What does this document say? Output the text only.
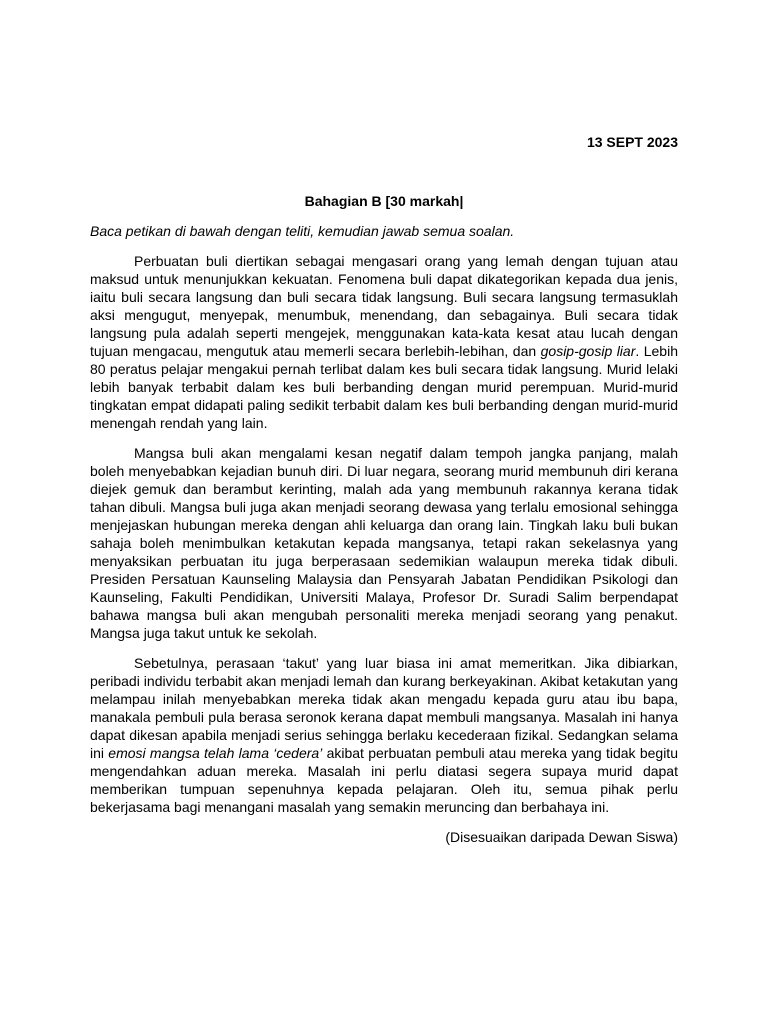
13 SEPT 2023
Bahagian B [30 markah|
Baca petikan di bawah dengan teliti, kemudian jawab semua soalan.

Perbuatan buli diertikan sebagai mengasari orang yang lemah dengan tujuan atau maksud untuk menunjukkan kekuatan. Fenomena buli dapat dikategorikan kepada dua jenis, iaitu buli secara langsung dan buli secara tidak langsung. Buli secara langsung termasuklah aksi mengugut, menyepak, menumbuk, menendang, dan sebagainya. Buli secara tidak langsung pula adalah seperti mengejek, menggunakan kata-kata kesat atau lucah dengan tujuan mengacau, mengutuk atau memerli secara berlebih-lebihan, dan gosip-gosip liar. Lebih 80 peratus pelajar mengakui pernah terlibat dalam kes buli secara tidak langsung. Murid lelaki lebih banyak terbabit dalam kes buli berbanding dengan murid perempuan. Murid-murid tingkatan empat didapati paling sedikit terbabit dalam kes buli berbanding dengan murid-murid menengah rendah yang lain.

Mangsa buli akan mengalami kesan negatif dalam tempoh jangka panjang, malah boleh menyebabkan kejadian bunuh diri. Di luar negara, seorang murid membunuh diri kerana diejek gemuk dan berambut kerinting, malah ada yang membunuh rakannya kerana tidak tahan dibuli. Mangsa buli juga akan menjadi seorang dewasa yang terlalu emosional sehingga menjejaskan hubungan mereka dengan ahli keluarga dan orang lain. Tingkah laku buli bukan sahaja boleh menimbulkan ketakutan kepada mangsanya, tetapi rakan sekelasnya yang menyaksikan perbuatan itu juga berperasaan sedemikian walaupun mereka tidak dibuli. Presiden Persatuan Kaunseling Malaysia dan Pensyarah Jabatan Pendidikan Psikologi dan Kaunseling, Fakulti Pendidikan, Universiti Malaya, Profesor Dr. Suradi Salim berpendapat bahawa mangsa buli akan mengubah personaliti mereka menjadi seorang yang penakut. Mangsa juga takut untuk ke sekolah.

Sebetulnya, perasaan ‘takut’ yang luar biasa ini amat memeritkan. Jika dibiarkan, peribadi individu terbabit akan menjadi lemah dan kurang berkeyakinan. Akibat ketakutan yang melampau inilah menyebabkan mereka tidak akan mengadu kepada guru atau ibu bapa, manakala pembuli pula berasa seronok kerana dapat membuli mangsanya. Masalah ini hanya dapat dikesan apabila menjadi serius sehingga berlaku kecederaan fizikal. Sedangkan selama ini emosi mangsa telah lama ‘cedera’ akibat perbuatan pembuli atau mereka yang tidak begitu mengendahkan aduan mereka. Masalah ini perlu diatasi segera supaya murid dapat memberikan tumpuan sepenuhnya kepada pelajaran. Oleh itu, semua pihak perlu bekerjasama bagi menangani masalah yang semakin meruncing dan berbahaya ini.

(Disesuaikan daripada Dewan Siswa)
